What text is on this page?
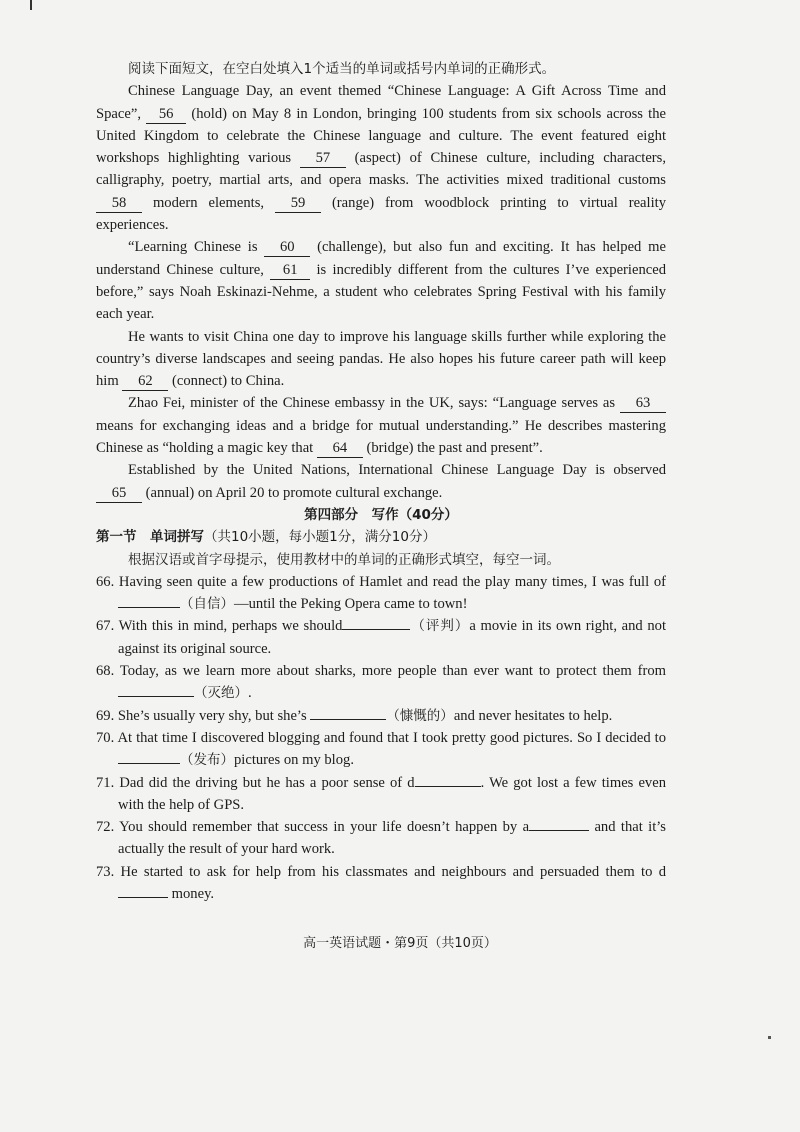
阅读下面短文，在空白处填入1个适当的单词或括号内单词的正确形式。

Chinese Language Day, an event themed “Chinese Language: A Gift Across Time and Space”, 56 (hold) on May 8 in London, bringing 100 students from six schools across the United Kingdom to celebrate the Chinese language and culture. The event featured eight workshops highlighting various 57 (aspect) of Chinese culture, including characters, calligraphy, poetry, martial arts, and opera masks. The activities mixed traditional customs 58 modern elements, 59 (range) from woodblock printing to virtual reality experiences.

“Learning Chinese is 60 (challenge), but also fun and exciting. It has helped me understand Chinese culture, 61 is incredibly different from the cultures I’ve experienced before,” says Noah Eskinazi-Nehme, a student who celebrates Spring Festival with his family each year.

He wants to visit China one day to improve his language skills further while exploring the country’s diverse landscapes and seeing pandas. He also hopes his future career path will keep him 62 (connect) to China.

Zhao Fei, minister of the Chinese embassy in the UK, says: “Language serves as 63 means for exchanging ideas and a bridge for mutual understanding.” He describes mastering Chinese as “holding a magic key that 64 (bridge) the past and present”.

Established by the United Nations, International Chinese Language Day is observed 65 (annual) on April 20 to promote cultural exchange.

第四部分　写作（40分）

第一节　单词拼写（共10小题，每小题1分，满分10分）

根据汉语或首字母提示，使用教材中的单词的正确形式填空，每空一词。

66. Having seen quite a few productions of Hamlet and read the play many times, I was full of （自信）—until the Peking Opera came to town!

67. With this in mind, perhaps we should	（评判）a movie in its own right, and not against its original source.

68. Today, as we learn more about sharks, more people than ever want to protect them from（灭绝）.

69. She’s usually very shy, but she’s	（慷慨的）and never hesitates to help.

70. At that time I discovered blogging and found that I took pretty good pictures. So I decided to （发布）pictures on my blog.

71. Dad did the driving but he has a poor sense of d	. We got lost a few times even with the help of GPS.

72. You should remember that success in your life doesn’t happen by a	and that it’s actually the result of your hard work.

73. He started to ask for help from his classmates and neighbours and persuaded them to d money.

高一英语试题・第9页（共10页）
